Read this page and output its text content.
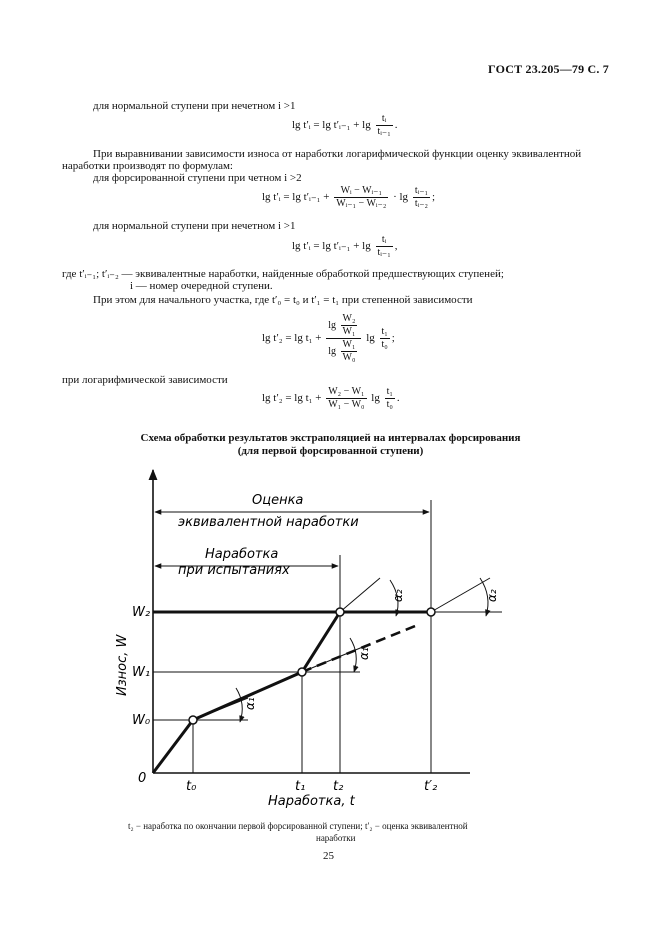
ГОСТ 23.205—79 С. 7
для нормальной ступени при нечетном i >1
lg t′ᵢ = lg t′ᵢ₋₁ + $\lg \frac{\text{tᵢ}}{\text{tᵢ₋₁}}$ .
При выравнивании зависимости износа от наработки логарифмической функции оценку эквивалентной
наработки производят по формулам:
для форсированной ступени при четном i >2
lg t′ᵢ = lg t′ᵢ₋₁ + $\frac{\text{Wᵢ − Wᵢ₋₁}}{\text{Wᵢ₋₁ − Wᵢ₋₂}} \cdot \lg \frac{\text{tᵢ₋₁}}{\text{tᵢ₋₂}}$ ;
для нормальной ступени при нечетном i >1
lg t′ᵢ = lg t′ᵢ₋₁ + $\lg \frac{\text{tᵢ}}{\text{tᵢ₋₁}}$ ,
где t′ᵢ₋₁; t′ᵢ₋₂ — эквивалентные наработки, найденные обработкой предшествующих ступеней;
i — номер очередной ступени.
При этом для начального участка, где t′₀ = t₀ и t′₁ = t₁ при степенной зависимости
$\lg t'_2 = \lg t_1 + \frac{\lg \frac{\text{W₂}}{\text{W₁}}}{\lg \frac{\text{W₁}}{\text{W₀}}}$ $\lg \frac{\text{t₁}}{\text{t₀}}$ ;
при логарифмической зависимости
$\lg t'_2 = \lg t_1 + \frac{\text{W₂ − W₁}}{\text{W₁ − W₀}}$ $\lg \frac{\text{t₁}}{\text{t₀}}$ .
Схема обработки результатов экстраполяцией на интервалах форсирования
(для первой форсированной ступени)
Оценка
эквивалентной наработки
Наработка
при испытаниях
Износ, W
Наработка, t
0
W₀
W₁
W₂
t₀	t₁ t₂	t′₂
α₁
α₁
α₂	α₂
t₂ − наработка по окончании первой форсированной ступени; t′₂ − оценка эквивалентной
наработки
25
